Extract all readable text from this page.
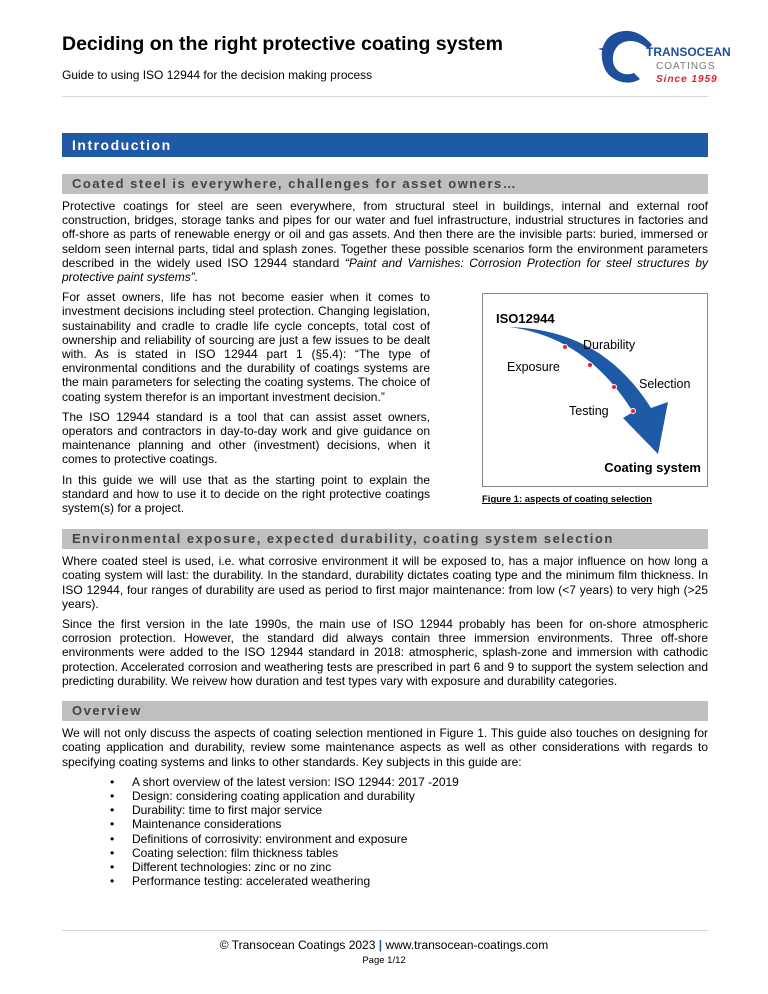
Deciding on the right protective coating system
Guide to using ISO 12944 for the decision making process
TRANSOCEAN
COATINGS
Since 1959
Introduction
Coated steel is everywhere, challenges for asset owners…
Protective coatings for steel are seen everywhere, from structural steel in buildings, internal and external roof construction, bridges, storage tanks and pipes for our water and fuel infrastructure, industrial structures in factories and off-shore as parts of renewable energy or oil and gas assets. And then there are the invisible parts: buried, immersed or seldom seen internal parts, tidal and splash zones. Together these possible scenarios form the environment parameters described in the widely used ISO 12944 standard “Paint and Varnishes: Corrosion Protection for steel structures by protective paint systems”.
For asset owners, life has not become easier when it comes to investment decisions including steel protection. Changing legislation, sustainability and cradle to cradle life cycle concepts, total cost of ownership and reliability of sourcing are just a few issues to be dealt with. As is stated in ISO 12944 part 1 (§5.4): “The type of environmental conditions and the durability of coatings systems are the main parameters for selecting the coating systems. The choice of coating system therefor is an important investment decision.”
The ISO 12944 standard is a tool that can assist asset owners, operators and contractors in day-to-day work and give guidance on maintenance planning and other (investment) decisions, when it comes to protective coatings.
In this guide we will use that as the starting point to explain the standard and how to use it to decide on the right protective coatings system(s) for a project.
ISO12944
Durability
Exposure
Selection
Testing
Coating system
Figure 1: aspects of coating selection
Environmental exposure, expected durability, coating system selection
Where coated steel is used, i.e. what corrosive environment it will be exposed to, has a major influence on how long a coating system will last: the durability. In the standard, durability dictates coating type and the minimum film thickness. In ISO 12944, four ranges of durability are used as period to first major maintenance: from low (<7 years) to very high (>25 years).
Since the first version in the late 1990s, the main use of ISO 12944 probably has been for on-shore atmospheric corrosion protection. However, the standard did always contain three immersion environments. Three off-shore environments were added to the ISO 12944 standard in 2018: atmospheric, splash-zone and immersion with cathodic protection. Accelerated corrosion and weathering tests are prescribed in part 6 and 9 to support the system selection and predicting durability. We reivew how duration and test types vary with exposure and durability categories.
Overview
We will not only discuss the aspects of coating selection mentioned in Figure 1. This guide also touches on designing for coating application and durability, review some maintenance aspects as well as other considerations with regards to specifying coating systems and links to other standards. Key subjects in this guide are:
• A short overview of the latest version: ISO 12944: 2017 -2019
• Design: considering coating application and durability
• Durability: time to first major service
• Maintenance considerations
• Definitions of corrosivity: environment and exposure
• Coating selection: film thickness tables
• Different technologies: zinc or no zinc
• Performance testing: accelerated weathering
© Transocean Coatings 2023 | www.transocean-coatings.com
Page 1/12
